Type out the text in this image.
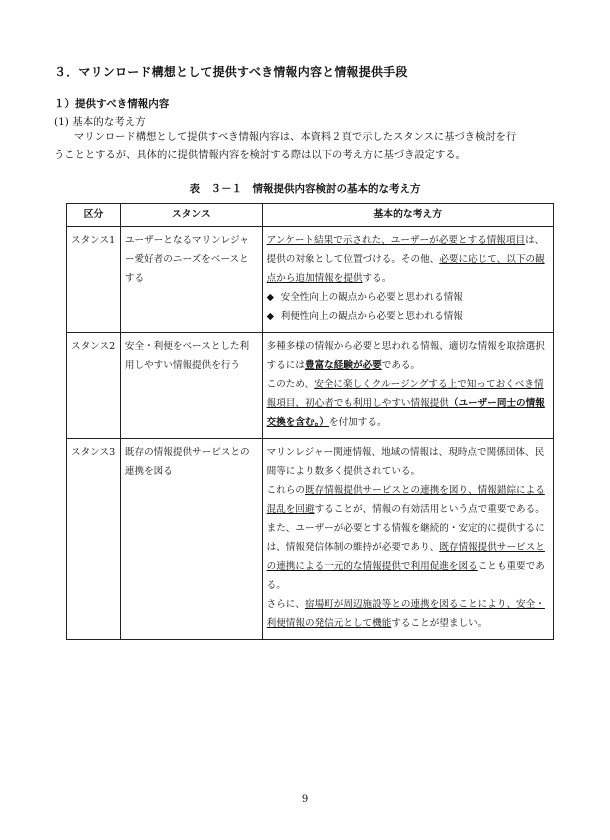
３．マリンロード構想として提供すべき情報内容と情報提供手段
１）提供すべき情報内容
(1) 基本的な考え方
マリンロード構想として提供すべき情報内容は、本資料２頁で示したスタンスに基づき検討を行
うこととするが、具体的に提供情報内容を検討する際は以下の考え方に基づき設定する。
表　３－１　情報提供内容検討の基本的な考え方
区分	スタンス	基本的な考え方
スタンス1	ユーザーとなるマリンレジャー愛好者のニーズをベースとする	アンケート結果で示された、ユーザーが必要とする情報項目は、提供の対象として位置づける。その他、必要に応じて、以下の観点から追加情報を提供する。
◆ 安全性向上の観点から必要と思われる情報
◆ 利便性向上の観点から必要と思われる情報

スタンス2	安全・利便をベースとした利用しやすい情報提供を行う	多種多様の情報から必要と思われる情報、適切な情報を取捨選択するには豊富な経験が必要である。
このため、安全に楽しくクルージングする上で知っておくべき情報項目、初心者でも利用しやすい情報提供（ユーザー同士の情報交換を含む。）を付加する。
スタンス3	既存の情報提供サービスとの連携を図る	マリンレジャー関連情報、地域の情報は、現時点で関係団体、民間等により数多く提供されている。
これらの既存情報提供サービスとの連携を図り、情報錯綜による混乱を回避することが、情報の有効活用という点で重要である。
また、ユーザーが必要とする情報を継続的・安定的に提供するには、情報発信体制の維持が必要であり、既存情報提供サービスとの連携による一元的な情報提供で利用促進を図ることも重要である。
さらに、宿場町が周辺施設等との連携を図ることにより、安全・利便情報の発信元として機能することが望ましい。
9
